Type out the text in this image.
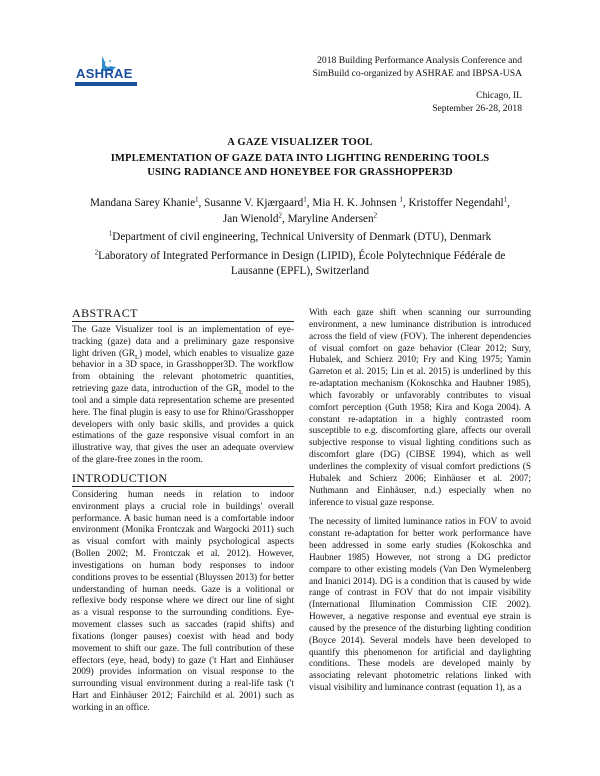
ASHRAE
2018 Building Performance Analysis Conference and
SimBuild co-organized by ASHRAE and IBPSA-USA
Chicago, IL
September 26-28, 2018
A GAZE VISUALIZER TOOL
IMPLEMENTATION OF GAZE DATA INTO LIGHTING RENDERING TOOLS
USING RADIANCE AND HONEYBEE FOR GRASSHOPPER3D
Mandana Sarey Khanie$^1$, Susanne V. Kjærgaard$^1$, Mia H. K. Johnsen $^1$, Kristoffer Negendahl$^1$,
Jan Wienold$^2$, Maryline Andersen$^2$
$^1$Department of civil engineering, Technical University of Denmark (DTU), Denmark
$^2$Laboratory of Integrated Performance in Design (LIPID), École Polytechnique Fédérale de
Lausanne (EPFL), Switzerland
ABSTRACT

The Gaze Visualizer tool is an implementation of eye-tracking (gaze) data and a preliminary gaze responsive light driven $(GR_L)$ model, which enables to visualize gaze behavior in a 3D space, in Grasshopper3D. The workflow from obtaining the relevant photometric quantities, retrieving gaze data, introduction of the $GR_L$ model to the tool and a simple data representation scheme are presented here. The final plugin is easy to use for Rhino/Grasshopper developers with only basic skills, and provides a quick estimations of the gaze responsive visual comfort in an illustrative way, that gives the user an adequate overview of the glare-free zones in the room.

INTRODUCTION

Considering human needs in relation to indoor environment plays a crucial role in buildings' overall performance. A basic human need is a comfortable indoor environment (Monika Frontczak and Wargocki 2011) such as visual comfort with mainly psychological aspects (Bollen 2002; M. Frontczak et al. 2012). However, investigations on human body responses to indoor conditions proves to be essential (Bluyssen 2013) for better understanding of human needs. Gaze is a volitional or reflexive body response where we direct our line of sight as a visual response to the surrounding conditions. Eye-movement classes such as saccades (rapid shifts) and fixations (longer pauses) coexist with head and body movement to shift our gaze. The full contribution of these effectors (eye, head, body) to gaze ('t Hart and Einhäuser 2009) provides information on visual response to the surrounding visual environment during a real-life task ('t Hart and Einhäuser 2012; Fairchild et al. 2001) such as working in an office.

With each gaze shift when scanning our surrounding environment, a new luminance distribution is introduced across the field of view (FOV). The inherent dependencies of visual comfort on gaze behavior (Clear 2012; Sury, Hubalek, and Schierz 2010; Fry and King 1975; Yamin Garreton et al. 2015; Lin et al. 2015) is underlined by this re-adaptation mechanism (Kokoschka and Haubner 1985), which favorably or unfavorably contributes to visual comfort perception (Guth 1958; Kira and Koga 2004). A constant re-adaptation in a highly contrasted room susceptible to e.g. discomforting glare, affects our overall subjective response to visual lighting conditions such as discomfort glare (DG) (CIBSE 1994), which as well underlines the complexity of visual comfort predictions (S Hubalek and Schierz 2006; Einhäuser et al. 2007; Nuthmann and Einhäuser, n.d.) especially when no inference to visual gaze response.

The necessity of limited luminance ratios in FOV to avoid constant re-adaptation for better work performance have been addressed in some early studies (Kokoschka and Haubner 1985) However, not strong a DG predictor compare to other existing models (Van Den Wymelenberg and Inanici 2014). DG is a condition that is caused by wide range of contrast in FOV that do not impair visibility (International Illumination Commission CIE 2002). However, a negative response and eventual eye strain is caused by the presence of the disturbing lighting condition (Boyce 2014). Several models have been developed to quantify this phenomenon for artificial and daylighting conditions. These models are developed mainly by associating relevant photometric relations linked with visual visibility and luminance contrast (equation 1), as a
